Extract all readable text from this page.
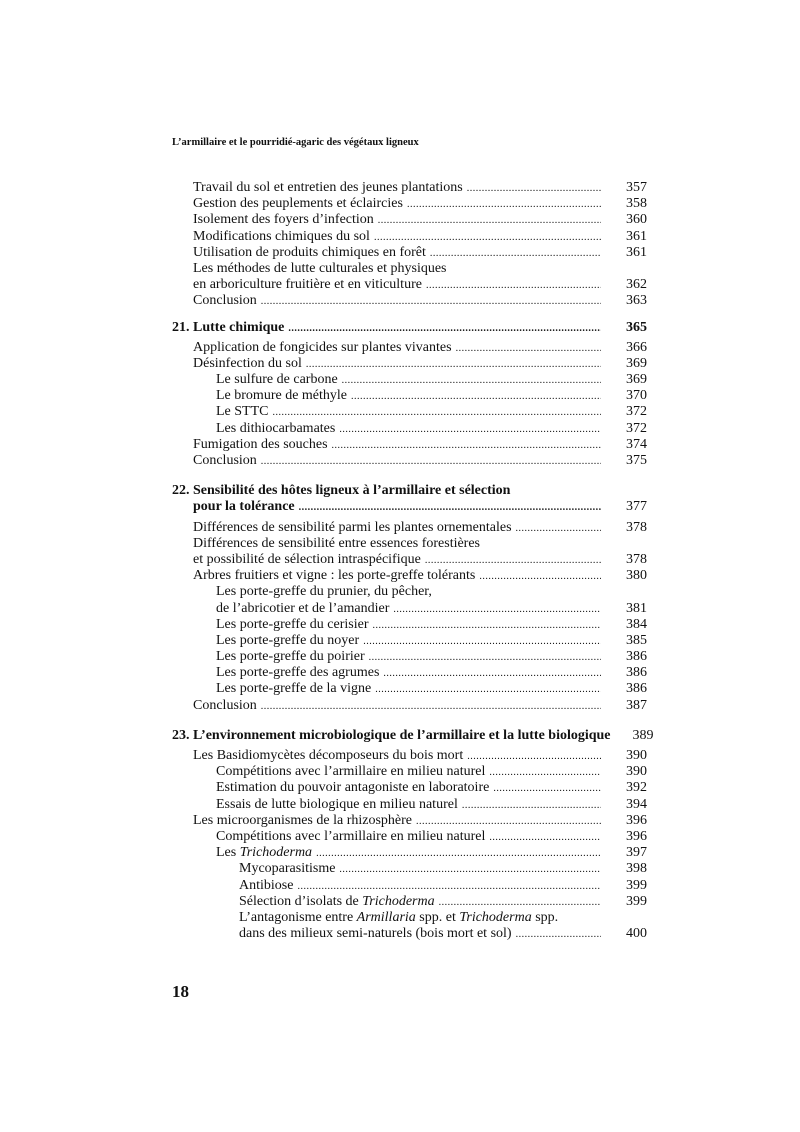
L’armillaire et le pourridié-agaric des végétaux ligneux
Travail du sol et entretien des jeunes plantations .....	357
Gestion des peuplements et éclaircies .....	358
Isolement des foyers d’infection .....	360
Modifications chimiques du sol .....	361
Utilisation de produits chimiques en forêt .....	361
Les méthodes de lutte culturales et physiques
en arboriculture fruitière et en viticulture .....	362
Conclusion .....	363
21. Lutte chimique .....	365
Application de fongicides sur plantes vivantes .....	366
Désinfection du sol .....	369
Le sulfure de carbone .....	369
Le bromure de méthyle .....	370
Le STTC .....	372
Les dithiocarbamates .....	372
Fumigation des souches .....	374
Conclusion .....	375
22. Sensibilité des hôtes ligneux à l’armillaire et sélection
pour la tolérance .....	377
Différences de sensibilité parmi les plantes ornementales .....	378
Différences de sensibilité entre essences forestières
et possibilité de sélection intraspécifique .....	378
Arbres fruitiers et vigne : les porte-greffe tolérants .....	380
Les porte-greffe du prunier, du pêcher,
de l’abricotier et de l’amandier .....	381
Les porte-greffe du cerisier .....	384
Les porte-greffe du noyer .....	385
Les porte-greffe du poirier .....	386
Les porte-greffe des agrumes .....	386
Les porte-greffe de la vigne .....	386
Conclusion .....	387
23. L’environnement microbiologique de l’armillaire et la lutte biologique 389
Les Basidiomycètes décomposeurs du bois mort .....	390
Compétitions avec l’armillaire en milieu naturel .....	390
Estimation du pouvoir antagoniste en laboratoire .....	392
Essais de lutte biologique en milieu naturel .....	394
Les microorganismes de la rhizosphère .....	396
Compétitions avec l’armillaire en milieu naturel .....	396
Les Trichoderma .....	397
Mycoparasitisme .....	398
Antibiose .....	399
Sélection d’isolats de Trichoderma .....	399
L’antagonisme entre Armillaria spp. et Trichoderma spp.
dans des milieux semi-naturels (bois mort et sol) .....	400
18
